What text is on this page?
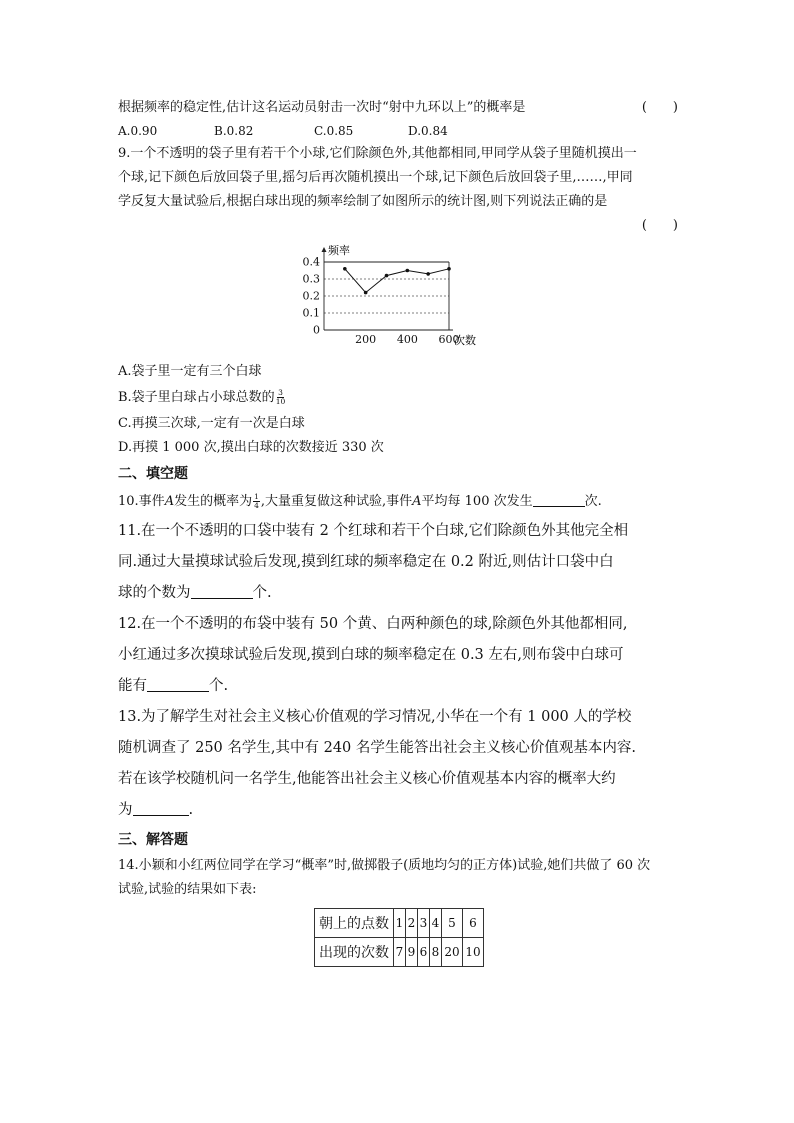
根据频率的稳定性,估计这名运动员射击一次时“射中九环以上”的概率是	(　　)
A.0.90	B.0.82	C.0.85	D.0.84
9.一个不透明的袋子里有若干个小球,它们除颜色外,其他都相同,甲同学从袋子里随机摸出一
个球,记下颜色后放回袋子里,摇匀后再次随机摸出一个球,记下颜色后放回袋子里,……,甲同
学反复大量试验后,根据白球出现的频率绘制了如图所示的统计图,则下列说法正确的是
(　　)
0
0.1
0.2
0.3
0.4
200 400 600
频率
次数
A.袋子里一定有三个白球
B.袋子里白球占小球总数的 $\frac{3}{10}$
C.再摸三次球,一定有一次是白球
D.再摸 1 000 次,摸出白球的次数接近 330 次
二、填空题
10.事件A发生的概率为 $\frac{1}{4}$ ,大量重复做这种试验,事件A平均每 100 次发生	次.
11.在一个不透明的口袋中装有 2 个红球和若干个白球,它们除颜色外其他完全相
同.通过大量摸球试验后发现,摸到红球的频率稳定在 0.2 附近,则估计口袋中白
球的个数为	个.
12.在一个不透明的布袋中装有 50 个黄、白两种颜色的球,除颜色外其他都相同,
小红通过多次摸球试验后发现,摸到白球的频率稳定在 0.3 左右,则布袋中白球可
能有	个.
13.为了解学生对社会主义核心价值观的学习情况,小华在一个有 1 000 人的学校
随机调查了 250 名学生,其中有 240 名学生能答出社会主义核心价值观基本内容.
若在该学校随机问一名学生,他能答出社会主义核心价值观基本内容的概率大约
为	.
三、解答题
14.小颖和小红两位同学在学习“概率”时,做掷骰子(质地均匀的正方体)试验,她们共做了 60 次
试验,试验的结果如下表:
朝上的点数	1	2	3	4	5	6
出现的次数	7	9	6	8	20	10
